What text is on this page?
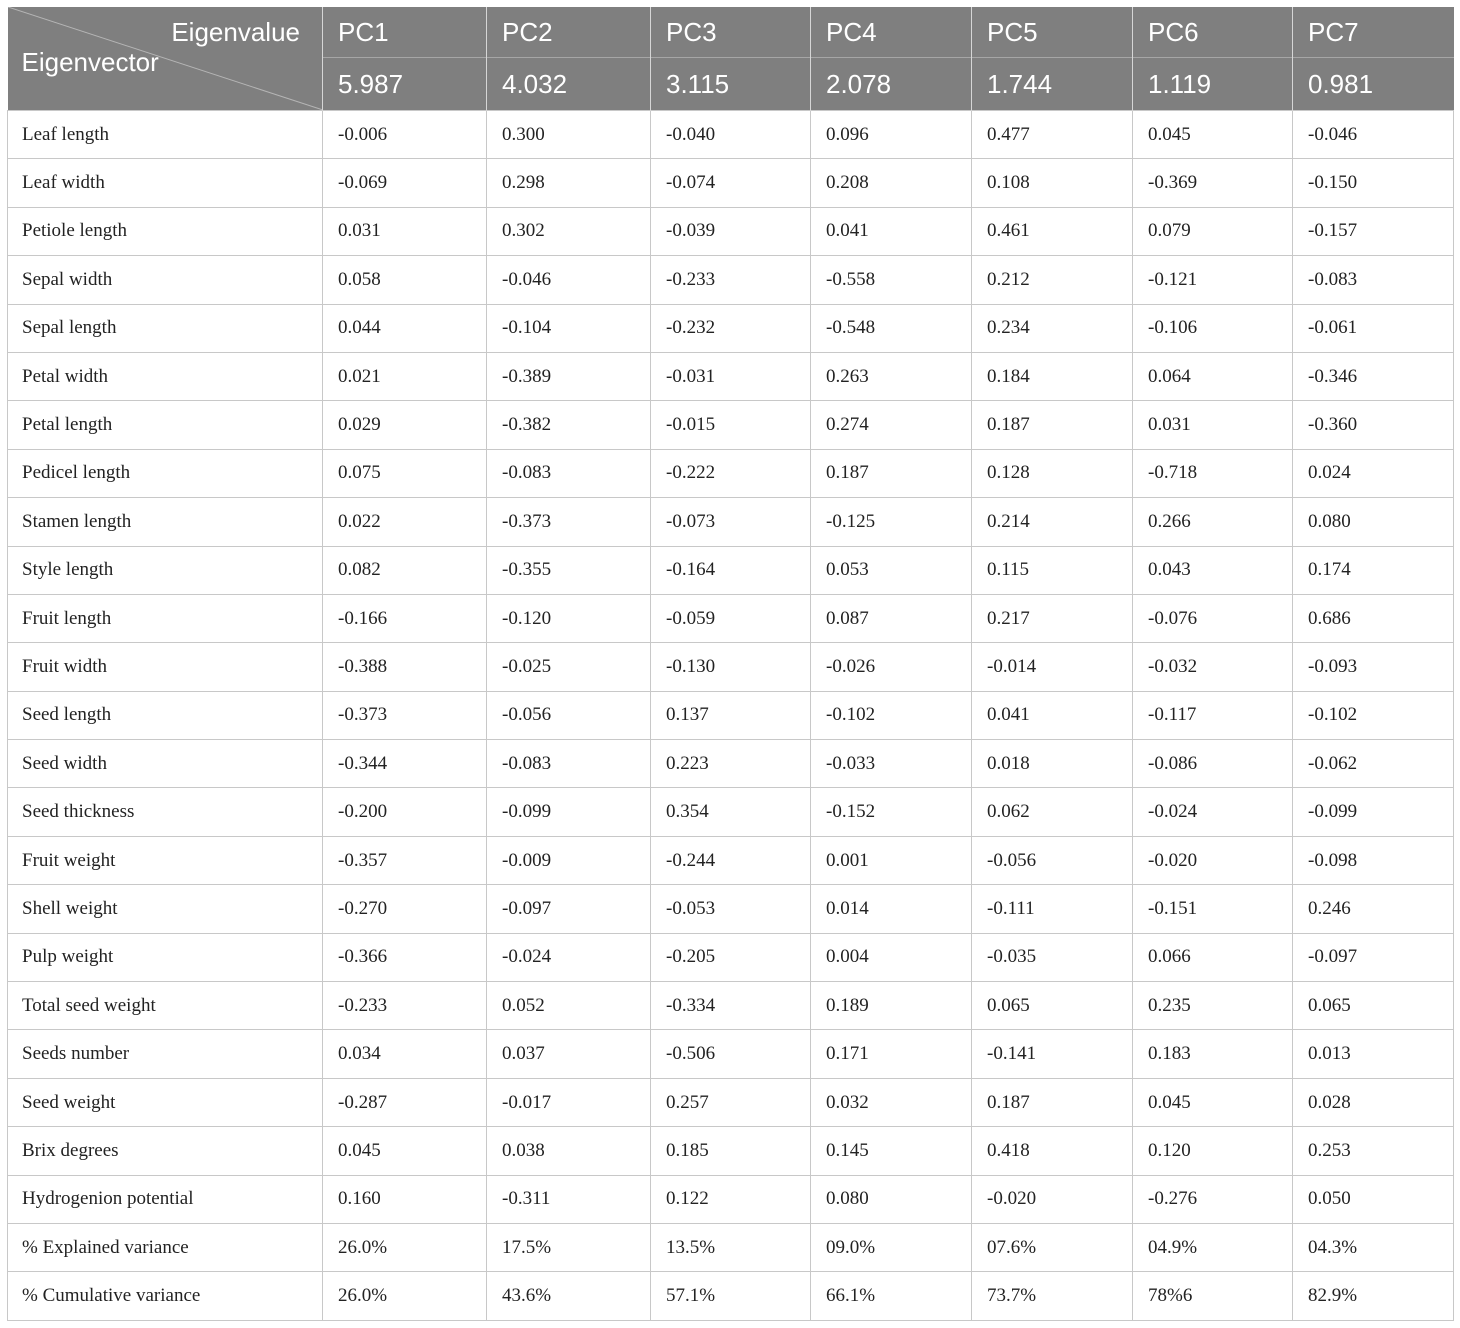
Eigenvalue
Eigenvector	PC1	PC2	PC3	PC4	PC5	PC6	PC7
	5.987	4.032	3.115	2.078	1.744	1.119	0.981
Leaf length	-0.006	0.300	-0.040	0.096	0.477	0.045	-0.046
Leaf width	-0.069	0.298	-0.074	0.208	0.108	-0.369	-0.150
Petiole length	0.031	0.302	-0.039	0.041	0.461	0.079	-0.157
Sepal width	0.058	-0.046	-0.233	-0.558	0.212	-0.121	-0.083
Sepal length	0.044	-0.104	-0.232	-0.548	0.234	-0.106	-0.061
Petal width	0.021	-0.389	-0.031	0.263	0.184	0.064	-0.346
Petal length	0.029	-0.382	-0.015	0.274	0.187	0.031	-0.360
Pedicel length	0.075	-0.083	-0.222	0.187	0.128	-0.718	0.024
Stamen length	0.022	-0.373	-0.073	-0.125	0.214	0.266	0.080
Style length	0.082	-0.355	-0.164	0.053	0.115	0.043	0.174
Fruit length	-0.166	-0.120	-0.059	0.087	0.217	-0.076	0.686
Fruit width	-0.388	-0.025	-0.130	-0.026	-0.014	-0.032	-0.093
Seed length	-0.373	-0.056	0.137	-0.102	0.041	-0.117	-0.102
Seed width	-0.344	-0.083	0.223	-0.033	0.018	-0.086	-0.062
Seed thickness	-0.200	-0.099	0.354	-0.152	0.062	-0.024	-0.099
Fruit weight	-0.357	-0.009	-0.244	0.001	-0.056	-0.020	-0.098
Shell weight	-0.270	-0.097	-0.053	0.014	-0.111	-0.151	0.246
Pulp weight	-0.366	-0.024	-0.205	0.004	-0.035	0.066	-0.097
Total seed weight	-0.233	0.052	-0.334	0.189	0.065	0.235	0.065
Seeds number	0.034	0.037	-0.506	0.171	-0.141	0.183	0.013
Seed weight	-0.287	-0.017	0.257	0.032	0.187	0.045	0.028
Brix degrees	0.045	0.038	0.185	0.145	0.418	0.120	0.253
Hydrogenion potential	0.160	-0.311	0.122	0.080	-0.020	-0.276	0.050
% Explained variance	26.0%	17.5%	13.5%	09.0%	07.6%	04.9%	04.3%
% Cumulative variance	26.0%	43.6%	57.1%	66.1%	73.7%	78%6	82.9%
